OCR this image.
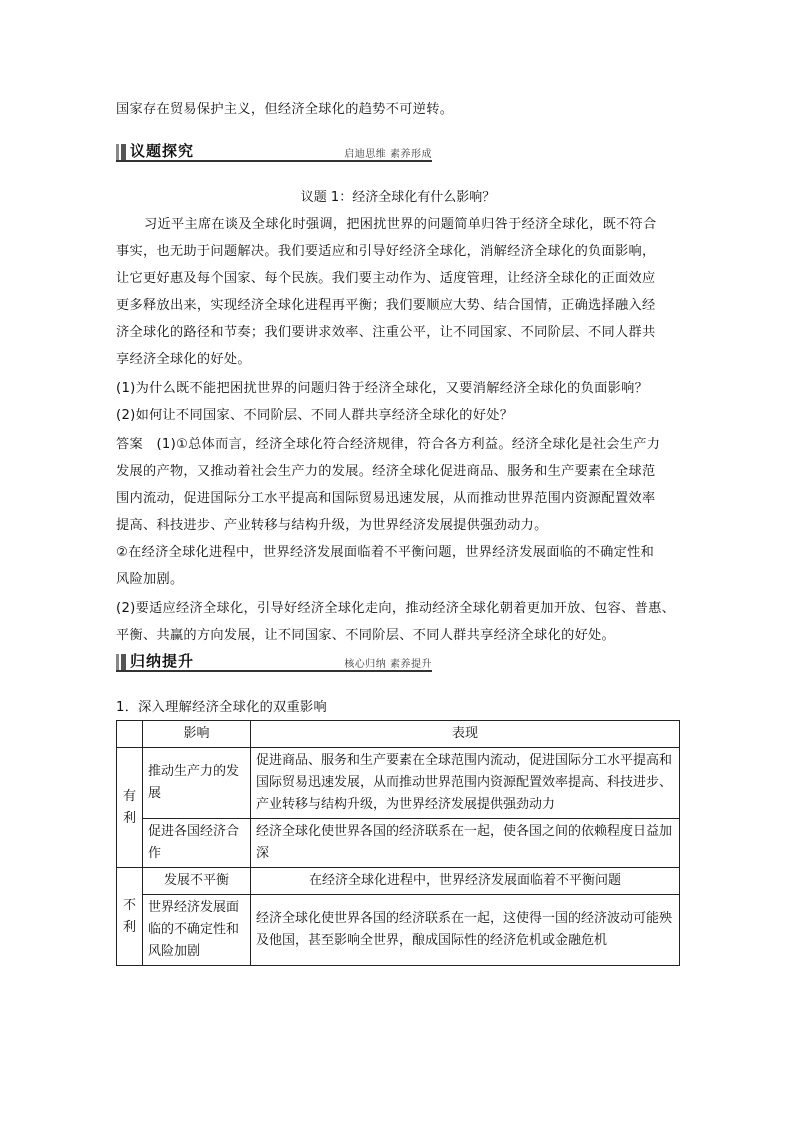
国家存在贸易保护主义，但经济全球化的趋势不可逆转。
议题探究	启迪思维 素养形成
议题 1：经济全球化有什么影响？
习近平主席在谈及全球化时强调，把困扰世界的问题简单归咎于经济全球化，既不符合
事实，也无助于问题解决。我们要适应和引导好经济全球化，消解经济全球化的负面影响，
让它更好惠及每个国家、每个民族。我们要主动作为、适度管理，让经济全球化的正面效应
更多释放出来，实现经济全球化进程再平衡；我们要顺应大势、结合国情，正确选择融入经
济全球化的路径和节奏；我们要讲求效率、注重公平，让不同国家、不同阶层、不同人群共
享经济全球化的好处。
(1)为什么既不能把困扰世界的问题归咎于经济全球化，又要消解经济全球化的负面影响？
(2)如何让不同国家、不同阶层、不同人群共享经济全球化的好处？
答案　(1)①总体而言，经济全球化符合经济规律，符合各方利益。经济全球化是社会生产力
发展的产物，又推动着社会生产力的发展。经济全球化促进商品、服务和生产要素在全球范
围内流动，促进国际分工水平提高和国际贸易迅速发展，从而推动世界范围内资源配置效率
提高、科技进步、产业转移与结构升级，为世界经济发展提供强劲动力。
②在经济全球化进程中，世界经济发展面临着不平衡问题，世界经济发展面临的不确定性和
风险加剧。
(2)要适应经济全球化，引导好经济全球化走向，推动经济全球化朝着更加开放、包容、普惠、
平衡、共赢的方向发展，让不同国家、不同阶层、不同人群共享经济全球化的好处。
归纳提升	核心归纳 素养提升
1．深入理解经济全球化的双重影响
	影响	表现
有利	推动生产力的发展	促进商品、服务和生产要素在全球范围内流动，促进国际分工水平提高和国际贸易迅速发展，从而推动世界范围内资源配置效率提高、科技进步、产业转移与结构升级，为世界经济发展提供强劲动力
	促进各国经济合作	经济全球化使世界各国的经济联系在一起，使各国之间的依赖程度日益加深
不利	发展不平衡	在经济全球化进程中，世界经济发展面临着不平衡问题
	世界经济发展面临的不确定性和风险加剧	经济全球化使世界各国的经济联系在一起，这使得一国的经济波动可能殃及他国，甚至影响全世界，酿成国际性的经济危机或金融危机
